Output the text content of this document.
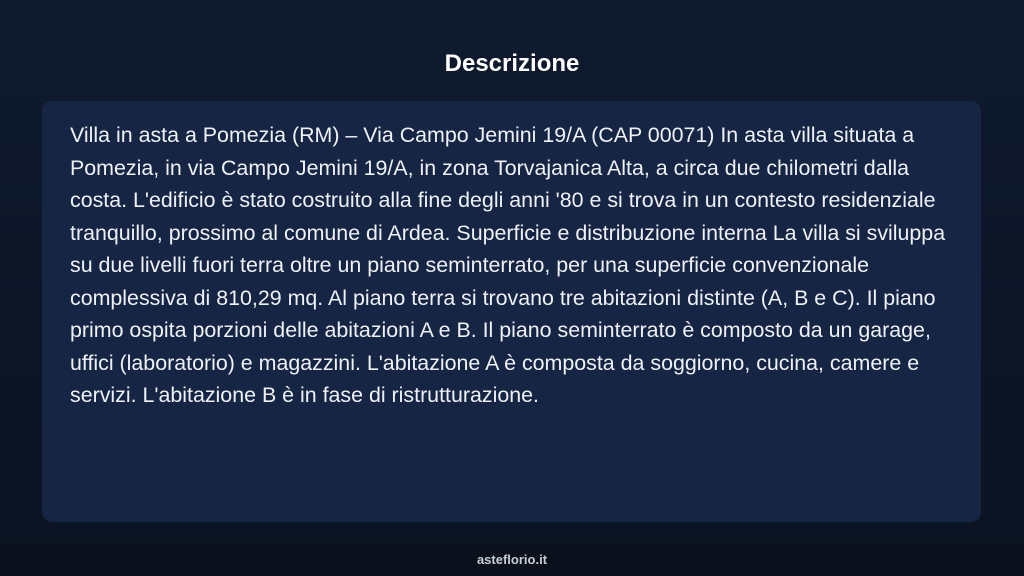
Descrizione

Villa in asta a Pomezia (RM) – Via Campo Jemini 19/A (CAP 00071) In asta villa situata a Pomezia, in via Campo Jemini 19/A, in zona Torvajanica Alta, a circa due chilometri dalla costa. L'edificio è stato costruito alla fine degli anni '80 e si trova in un contesto residenziale tranquillo, prossimo al comune di Ardea. Superficie e distribuzione interna La villa si sviluppa su due livelli fuori terra oltre un piano seminterrato, per una superficie convenzionale complessiva di 810,29 mq. Al piano terra si trovano tre abitazioni distinte (A, B e C). Il piano primo ospita porzioni delle abitazioni A e B. Il piano seminterrato è composto da un garage, uffici (laboratorio) e magazzini. L'abitazione A è composta da soggiorno, cucina, camere e servizi. L'abitazione B è in fase di ristrutturazione.

asteflorio.it
